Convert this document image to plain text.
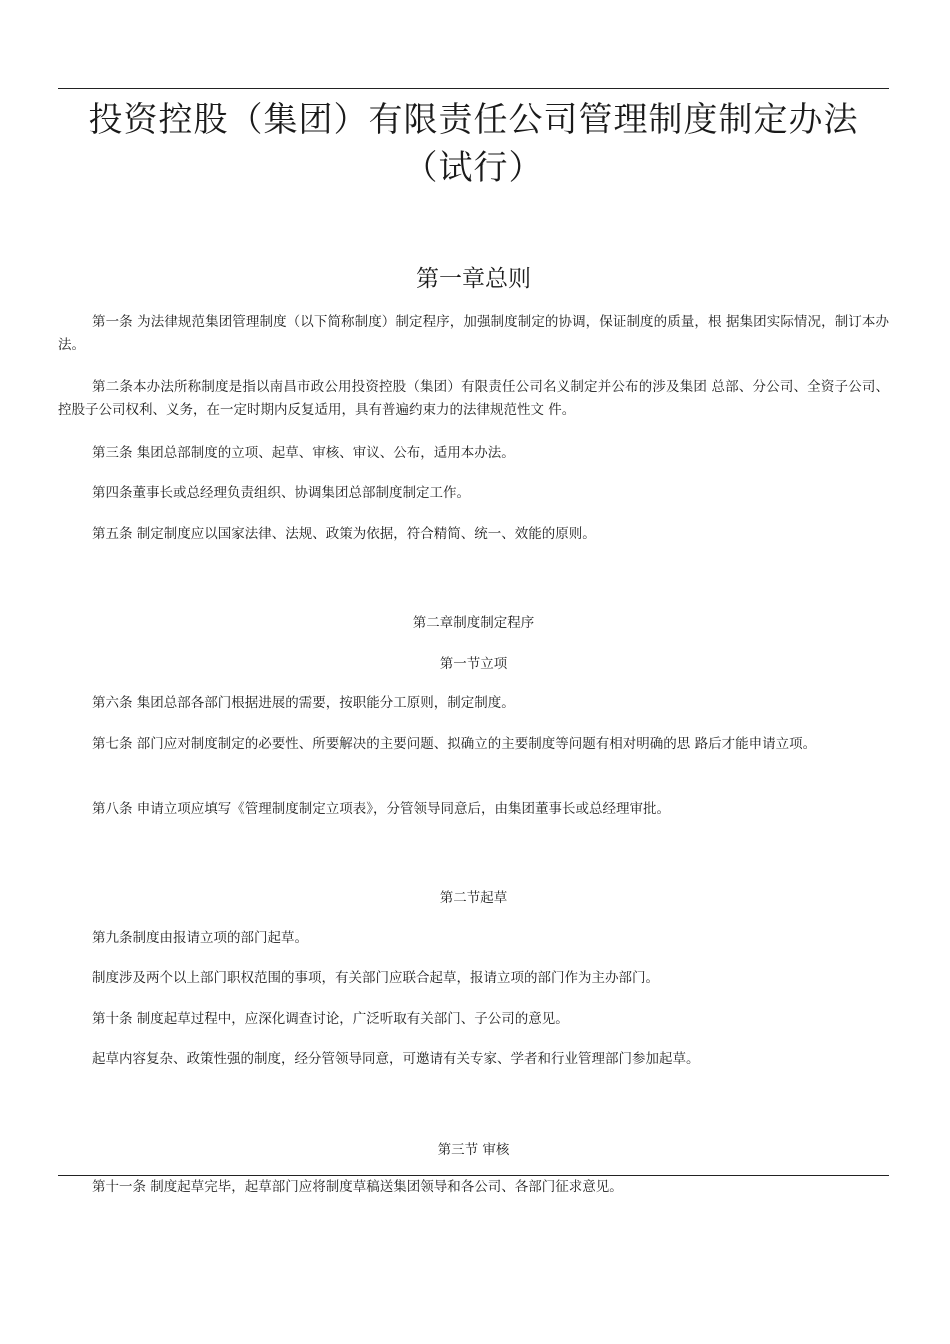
投资控股（集团）有限责任公司管理制度制定办法（试行）
第一章总则

第一条 为法律规范集团管理制度（以下简称制度）制定程序，加强制度制定的协调，保证制度的质量，根 据集团实际情况，制订本办法。

第二条本办法所称制度是指以南昌市政公用投资控股（集团）有限责任公司名义制定并公布的涉及集团 总部、分公司、全资子公司、控股子公司权利、义务，在一定时期内反复适用，具有普遍约束力的法律规范性文 件。

第三条 集团总部制度的立项、起草、审核、审议、公布，适用本办法。

第四条董事长或总经理负责组织、协调集团总部制度制定工作。

第五条 制定制度应以国家法律、法规、政策为依据，符合精简、统一、效能的原则。

第二章制度制定程序
第一节立项

第六条 集团总部各部门根据进展的需要，按职能分工原则，制定制度。

第七条 部门应对制度制定的必要性、所要解决的主要问题、拟确立的主要制度等问题有相对明确的思 路后才能申请立项。

第八条 申请立项应填写《管理制度制定立项表》，分管领导同意后，由集团董事长或总经理审批。

第二节起草

第九条制度由报请立项的部门起草。

制度涉及两个以上部门职权范围的事项，有关部门应联合起草，报请立项的部门作为主办部门。

第十条 制度起草过程中，应深化调查讨论，广泛听取有关部门、子公司的意见。

起草内容复杂、政策性强的制度，经分管领导同意，可邀请有关专家、学者和行业管理部门参加起草。

第三节 审核

第十一条 制度起草完毕，起草部门应将制度草稿送集团领导和各公司、各部门征求意见。
